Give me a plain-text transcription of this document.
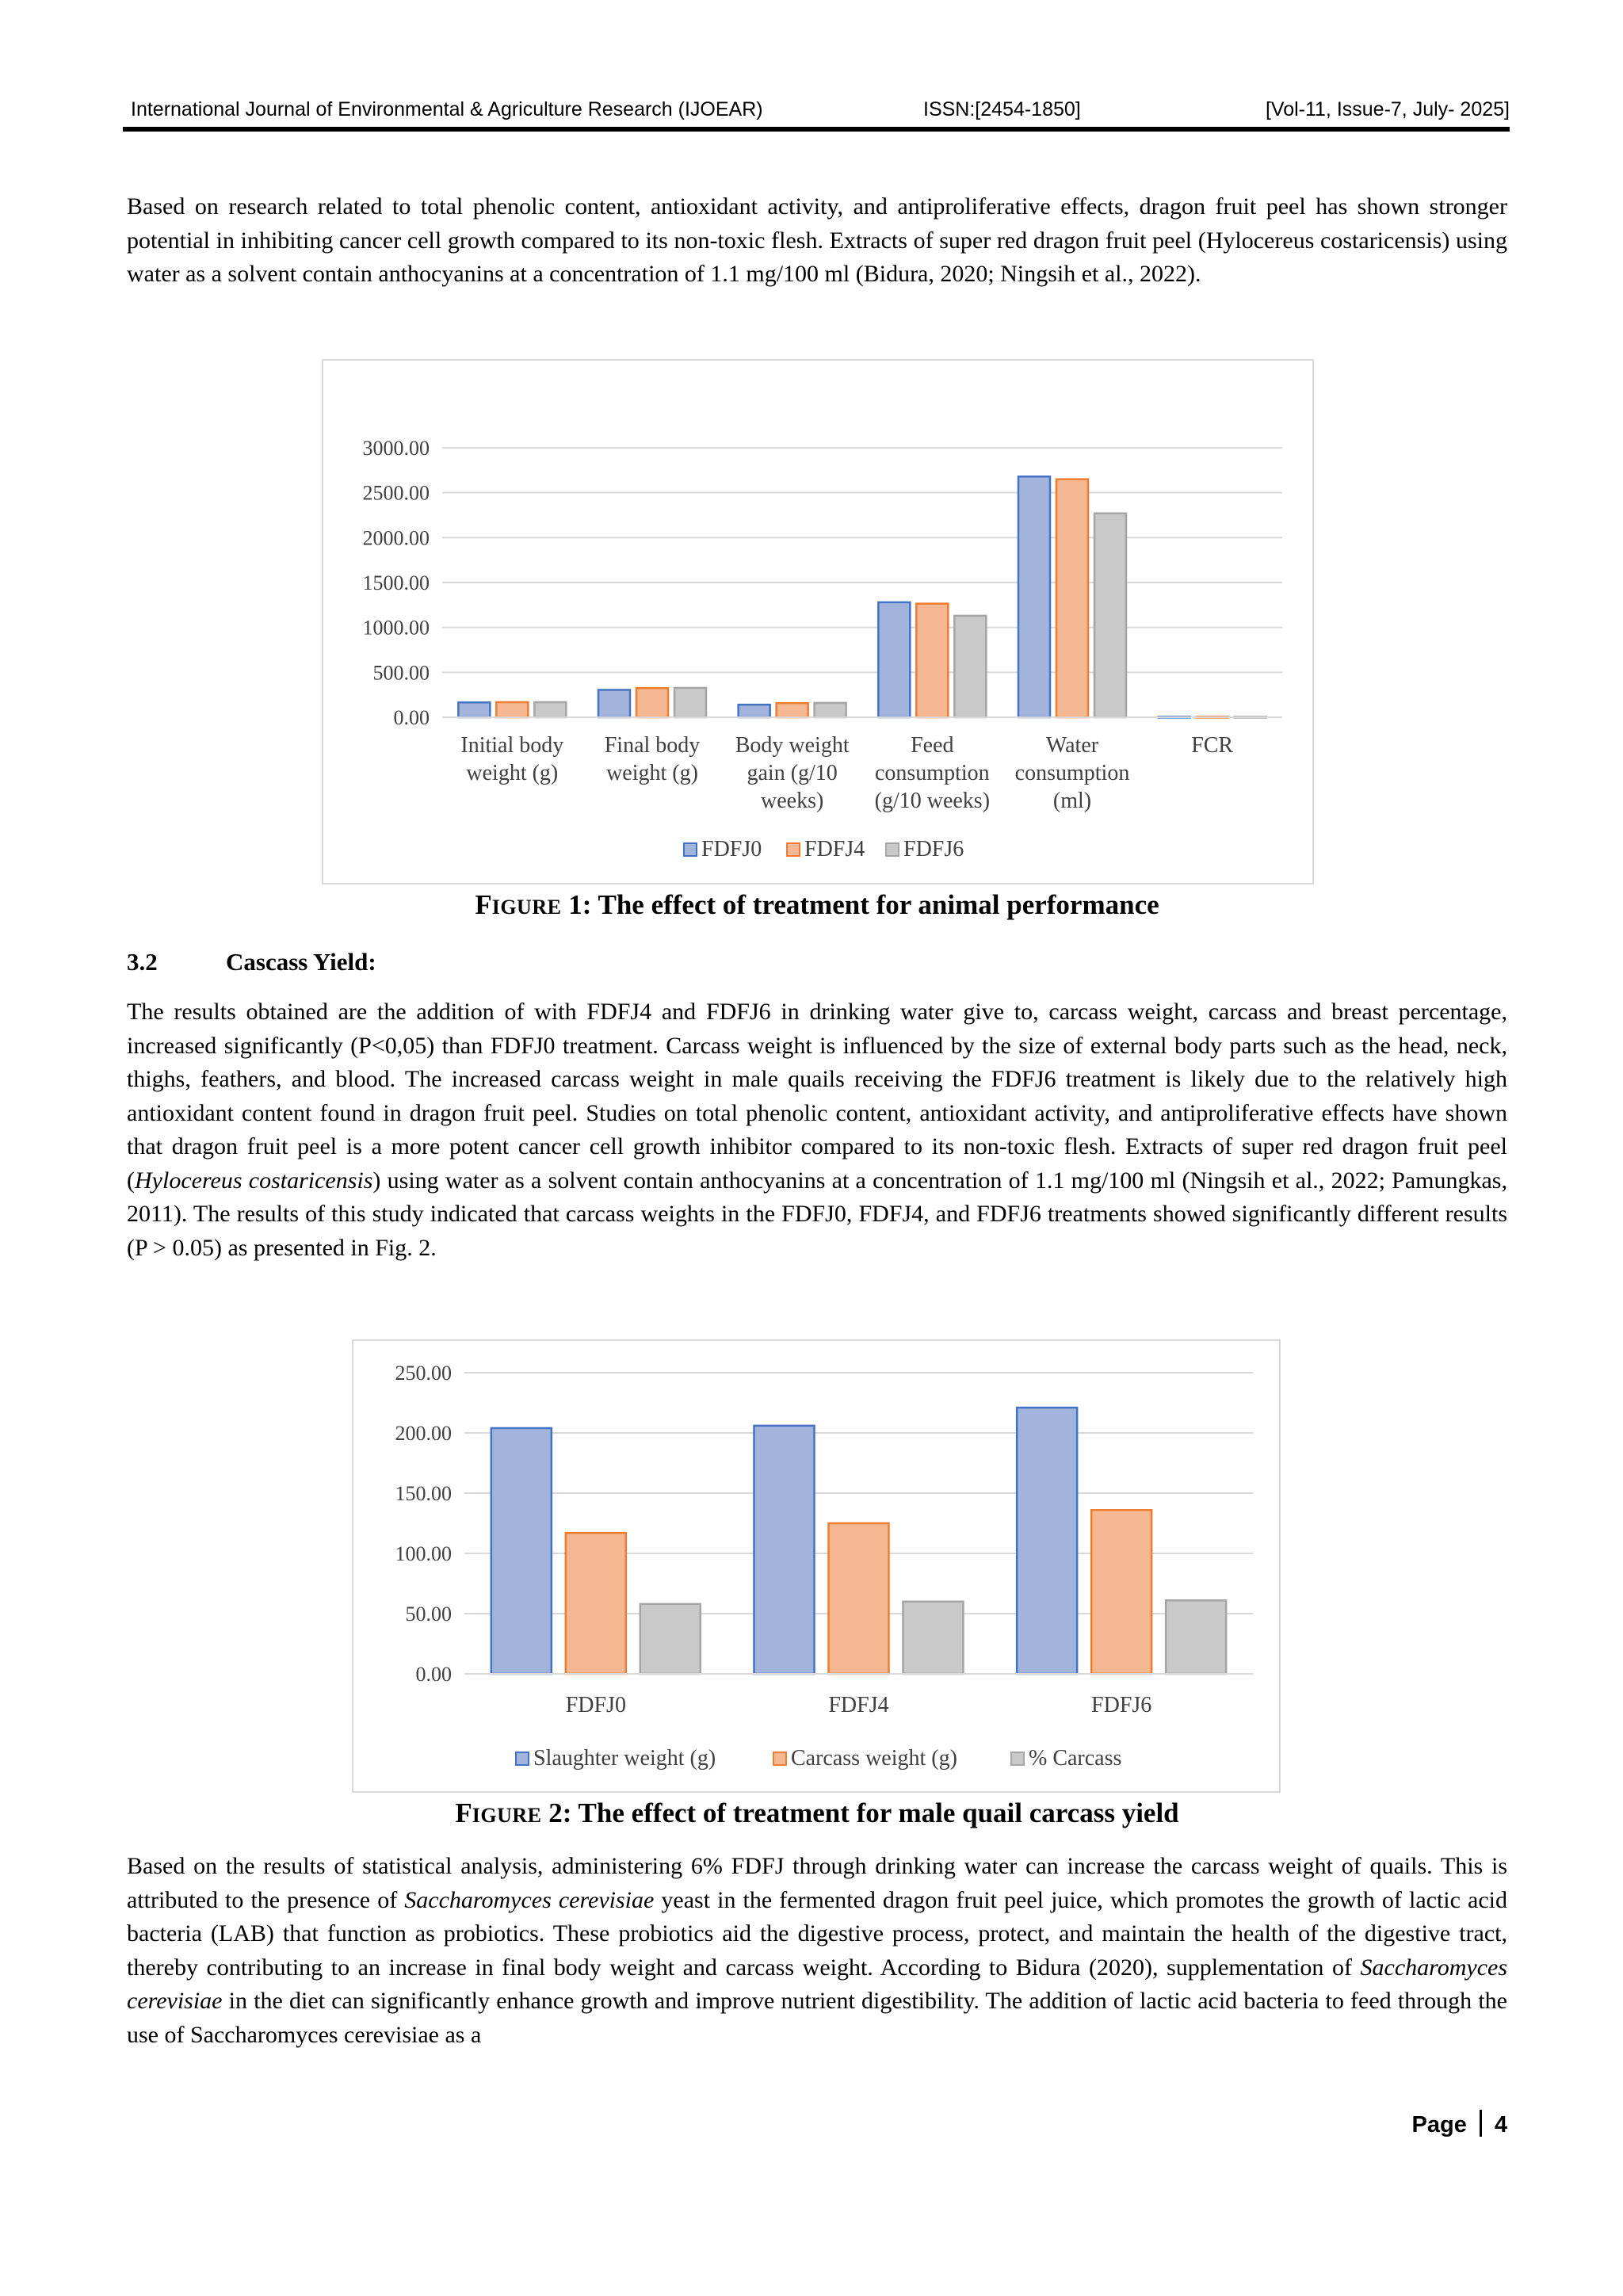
International Journal of Environmental & Agriculture Research (IJOEAR)	ISSN:[2454-1850]	[Vol-11, Issue-7, July- 2025]

Based on research related to total phenolic content, antioxidant activity, and antiproliferative effects, dragon fruit peel has shown stronger potential in inhibiting cancer cell growth compared to its non-toxic flesh. Extracts of super red dragon fruit peel (Hylocereus costaricensis) using water as a solvent contain anthocyanins at a concentration of 1.1 mg/100 ml (Bidura, 2020; Ningsih et al., 2022).

0.00
500.00
1000.00
1500.00
2000.00
2500.00
3000.00
Initial body
weight (g)
Final body
weight (g)
Body weight
gain (g/10
weeks)
Feed
consumption
(g/10 weeks)
Water
consumption
(ml)
FCR
FDFJ0 FDFJ4 FDFJ6
FIGURE 1: The effect of treatment for animal performance
3.2	Cascass Yield:

The results obtained are the addition of with FDFJ4 and FDFJ6 in drinking water give to, carcass weight, carcass and breast percentage, increased significantly (P<0,05) than FDFJ0 treatment. Carcass weight is influenced by the size of external body parts such as the head, neck, thighs, feathers, and blood. The increased carcass weight in male quails receiving the FDFJ6 treatment is likely due to the relatively high antioxidant content found in dragon fruit peel. Studies on total phenolic content, antioxidant activity, and antiproliferative effects have shown that dragon fruit peel is a more potent cancer cell growth inhibitor compared to its non-toxic flesh. Extracts of super red dragon fruit peel (Hylocereus costaricensis) using water as a solvent contain anthocyanins at a concentration of 1.1 mg/100 ml (Ningsih et al., 2022; Pamungkas, 2011). The results of this study indicated that carcass weights in the FDFJ0, FDFJ4, and FDFJ6 treatments showed significantly different results (P > 0.05) as presented in Fig. 2.

0.00
50.00
100.00
150.00
200.00
250.00
FDFJ0	FDFJ4	FDFJ6
Slaughter weight (g)	Carcass weight (g)	% Carcass
FIGURE 2: The effect of treatment for male quail carcass yield

Based on the results of statistical analysis, administering 6% FDFJ through drinking water can increase the carcass weight of quails. This is attributed to the presence of Saccharomyces cerevisiae yeast in the fermented dragon fruit peel juice, which promotes the growth of lactic acid bacteria (LAB) that function as probiotics. These probiotics aid the digestive process, protect, and maintain the health of the digestive tract, thereby contributing to an increase in final body weight and carcass weight. According to Bidura (2020), supplementation of Saccharomyces cerevisiae in the diet can significantly enhance growth and improve nutrient digestibility. The addition of lactic acid bacteria to feed through the use of Saccharomyces cerevisiae as a

Page 4
